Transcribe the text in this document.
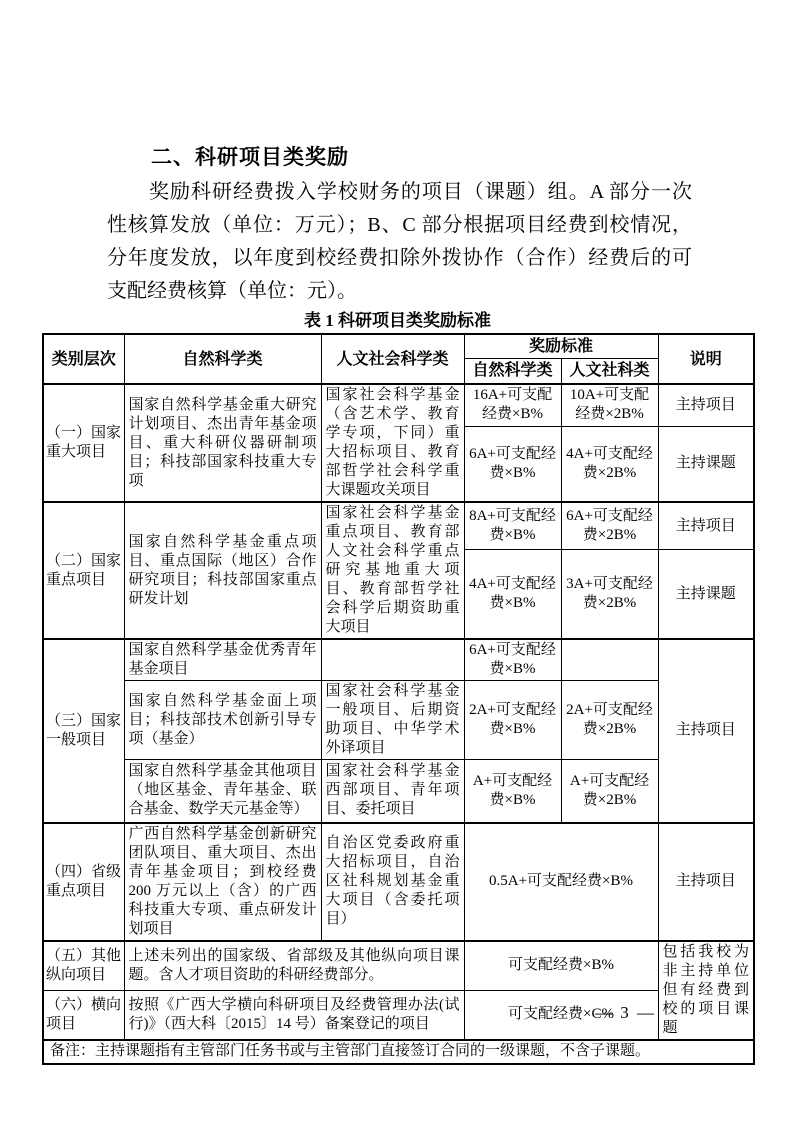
二、科研项目类奖励
奖励科研经费拨入学校财务的项目（课题）组。A 部分一次
性核算发放（单位：万元）；B、C 部分根据项目经费到校情况，
分年度发放，以年度到校经费扣除外拨协作（合作）经费后的可
支配经费核算（单位：元）。
表 1 科研项目类奖励标准
类别层次	自然科学类	人文社会科学类	奖励标准		说明
			自然科学类	人文社科类	
（一）国家重大项目	国家自然科学基金重大研究计划项目、杰出青年基金项目、重大科研仪器研制项目；科技部国家科技重大专项	国家社会科学基金（含艺术学、教育学专项，下同）重大招标项目、教育部哲学社会科学重大课题攻关项目	16A+可支配经费×B%	10A+可支配经费×2B%	主持项目
			6A+可支配经费×B%	4A+可支配经费×2B%	主持课题
（二）国家重点项目	国家自然科学基金重点项目、重点国际（地区）合作研究项目；科技部国家重点研发计划	国家社会科学基金重点项目、教育部人文社会科学重点研究基地重大项目、教育部哲学社会科学后期资助重大项目	8A+可支配经费×B%	6A+可支配经费×2B%	主持项目
			4A+可支配经费×B%	3A+可支配经费×2B%	主持课题
（三）国家一般项目	国家自然科学基金优秀青年基金项目		6A+可支配经费×B%		主持项目
	国家自然科学基金面上项目；科技部技术创新引导专项（基金）	国家社会科学基金一般项目、后期资助项目、中华学术外译项目	2A+可支配经费×B%	2A+可支配经费×2B%	
	国家自然科学基金其他项目（地区基金、青年基金、联合基金、数学天元基金等）	国家社会科学基金西部项目、青年项目、委托项目	A+可支配经费×B%	A+可支配经费×2B%	
（四）省级重点项目	广西自然科学基金创新研究团队项目、重大项目、杰出青年基金项目；到校经费 200 万元以上（含）的广西科技重大专项、重点研发计划项目	自治区党委政府重大招标项目，自治区社科规划基金重大项目（含委托项目）	0.5A+可支配经费×B%		主持项目
（五）其他纵向项目	上述未列出的国家级、省部级及其他纵向项目课题。含人才项目资助的科研经费部分。		可支配经费×B%		包括我校为非主持单位但有经费到校的项目课题
（六）横向项目	按照《广西大学横向科研项目及经费管理办法(试行)》（西大科〔2015〕14 号）备案登记的项目		可支配经费×C%		
备注：主持课题指有主管部门任务书或与主管部门直接签订合同的一级课题，不含子课题。					
— 3 —
